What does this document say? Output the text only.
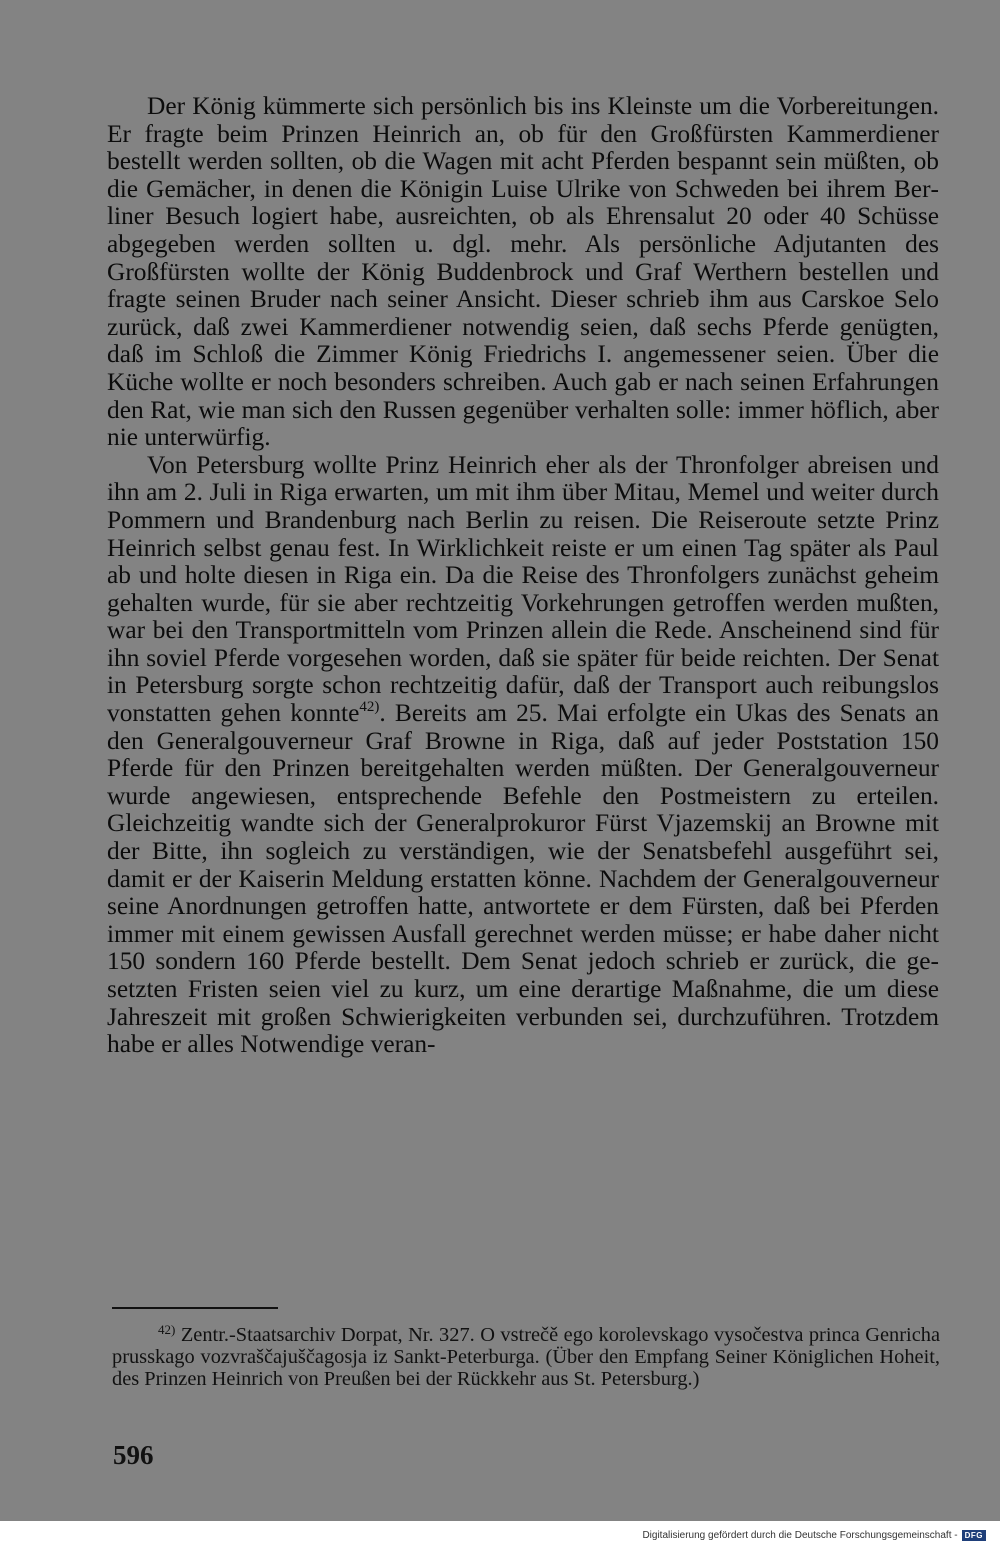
Der König kümmerte sich persönlich bis ins Kleinste um die Vorbereitungen. Er fragte beim Prinzen Heinrich an, ob für den Großfürsten Kammerdiener bestellt werden sollten, ob die Wagen mit acht Pferden bespannt sein müßten, ob die Gemächer, in denen die Königin Luise Ulrike von Schweden bei ihrem Berliner Besuch logiert habe, ausreichten, ob als Ehrensalut 20 oder 40 Schüsse abgegeben werden sollten u. dgl. mehr. Als persönliche Adjutanten des Großfürsten wollte der König Buddenbrock und Graf Werthern bestellen und fragte seinen Bruder nach seiner Ansicht. Dieser schrieb ihm aus Carskoe Selo zurück, daß zwei Kammerdiener notwendig seien, daß sechs Pferde genügten, daß im Schloß die Zimmer König Friedrichs I. angemessener seien. Über die Küche wollte er noch besonders schreiben. Auch gab er nach seinen Erfahrungen den Rat, wie man sich den Russen gegenüber verhalten solle: immer höflich, aber nie unterwürfig.

Von Petersburg wollte Prinz Heinrich eher als der Thronfolger abreisen und ihn am 2. Juli in Riga erwarten, um mit ihm über Mitau, Memel und weiter durch Pommern und Brandenburg nach Berlin zu reisen. Die Reiseroute setzte Prinz Heinrich selbst genau fest. In Wirklichkeit reiste er um einen Tag später als Paul ab und holte diesen in Riga ein. Da die Reise des Thronfolgers zunächst geheim gehalten wurde, für sie aber rechtzeitig Vorkehrungen getroffen werden mußten, war bei den Transportmitteln vom Prinzen allein die Rede. Anscheinend sind für ihn soviel Pferde vorgesehen worden, daß sie später für beide reichten. Der Senat in Petersburg sorgte schon rechtzeitig dafür, daß der Transport auch reibungslos vonstatten gehen konnte$^{42)}$. Bereits am 25. Mai erfolgte ein Ukas des Senats an den Generalgouverneur Graf Browne in Riga, daß auf jeder Poststation 150 Pferde für den Prinzen bereitgehalten werden müßten. Der Generalgouverneur wurde angewiesen, entsprechende Befehle den Postmeistern zu erteilen. Gleichzeitig wandte sich der Generalprokuror Fürst Vjazemskij an Browne mit der Bitte, ihn sogleich zu verständigen, wie der Senatsbefehl ausgeführt sei, damit er der Kaiserin Meldung erstatten könne. Nachdem der Generalgouverneur seine Anordnungen getroffen hatte, antwortete er dem Fürsten, daß bei Pferden immer mit einem gewissen Ausfall gerechnet werden müsse; er habe daher nicht 150 sondern 160 Pferde bestellt. Dem Senat jedoch schrieb er zurück, die gesetzten Fristen seien viel zu kurz, um eine derartige Maßnahme, die um diese Jahreszeit mit großen Schwierigkeiten verbunden sei, durchzuführen. Trotzdem habe er alles Notwendige veran-

$^{42)}$ Zentr.-Staatsarchiv Dorpat, Nr. 327. O vstrečě ego korolevskago vysočestva princa Genricha prusskago vozvraščajuščagosja iz Sankt-Peterburga. (Über den Empfang Seiner Königlichen Hoheit, des Prinzen Heinrich von Preußen bei der Rückkehr aus St. Petersburg.)

596
Digitalisierung gefördert durch die Deutsche Forschungsgemeinschaft - DFG
